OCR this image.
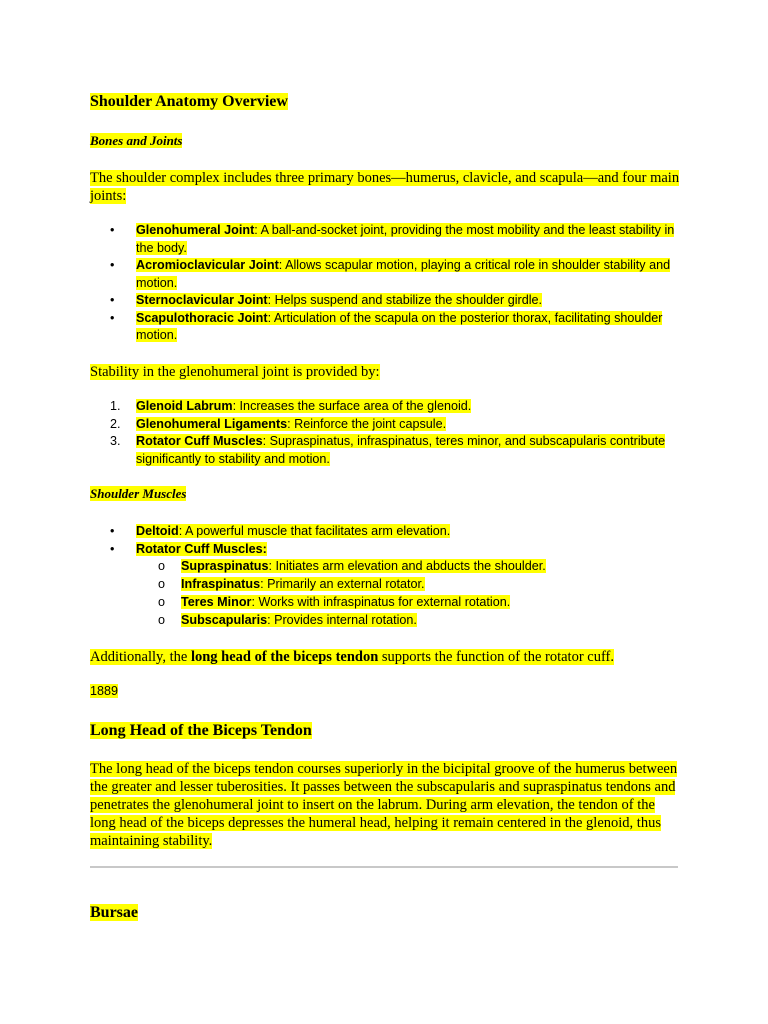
Shoulder Anatomy Overview
Bones and Joints

The shoulder complex includes three primary bones—humerus, clavicle, and scapula—and four main joints:

•	Glenohumeral Joint: A ball-and-socket joint, providing the most mobility and the least stability in the body.
•	Acromioclavicular Joint: Allows scapular motion, playing a critical role in shoulder stability and motion.
•	Sternoclavicular Joint: Helps suspend and stabilize the shoulder girdle.
•	Scapulothoracic Joint: Articulation of the scapula on the posterior thorax, facilitating shoulder motion.

Stability in the glenohumeral joint is provided by:

1.	Glenoid Labrum: Increases the surface area of the glenoid.
2.	Glenohumeral Ligaments: Reinforce the joint capsule.
3.	Rotator Cuff Muscles: Supraspinatus, infraspinatus, teres minor, and subscapularis contribute significantly to stability and motion.
Shoulder Muscles
•	Deltoid: A powerful muscle that facilitates arm elevation.
•	Rotator Cuff Muscles:
o Supraspinatus: Initiates arm elevation and abducts the shoulder.
o Infraspinatus: Primarily an external rotator.
o Teres Minor: Works with infraspinatus for external rotation.
o Subscapularis: Provides internal rotation.

Additionally, the long head of the biceps tendon supports the function of the rotator cuff.

1889

Long Head of the Biceps Tendon

The long head of the biceps tendon courses superiorly in the bicipital groove of the humerus between the greater and lesser tuberosities. It passes between the subscapularis and supraspinatus tendons and penetrates the glenohumeral joint to insert on the labrum. During arm elevation, the tendon of the long head of the biceps depresses the humeral head, helping it remain centered in the glenoid, thus maintaining stability.

Bursae
